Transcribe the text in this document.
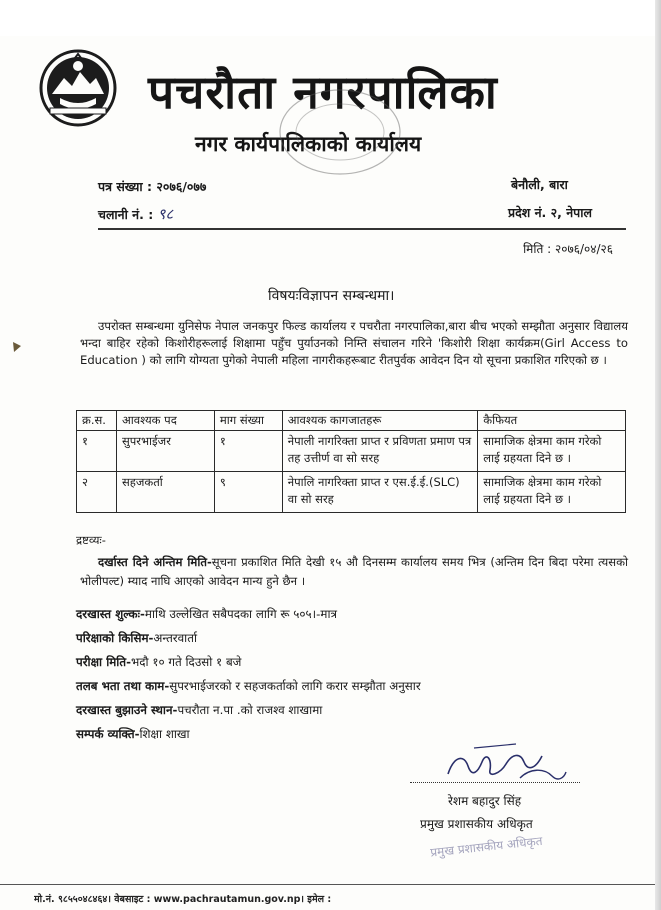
पचरौता नगरपालिका
नगर कार्यपालिकाको कार्यालय
पत्र संख्या : २०७६/०७७
चलानी नं. : ९८
बेनौली, बारा
प्रदेश नं. २, नेपाल
मिति : २०७६/०४/२६
विषयःविज्ञापन सम्बन्धमा।
उपरोक्त सम्बन्धमा युनिसेफ नेपाल जनकपुर फिल्ड कार्यालय र पचरौता नगरपालिका,बारा बीच भएको सम्झौता अनुसार विद्यालय भन्दा बाहिर रहेको किशोरीहरूलाई शिक्षामा पहुँच पुर्याउनको निम्ति संचालन गरिने 'किशोरी शिक्षा कार्यक्रम(Girl Access to Education ) को लागि योग्यता पुगेको नेपाली महिला नागरीकहरूबाट रीतपुर्वक आवेदन दिन यो सूचना प्रकाशित गरिएको छ ।
क्र.स.	आवश्यक पद	माग संख्या	आवश्यक कागजातहरू	कैफियत
१	सुपरभाईजर	१	नेपाली नागरिक्ता प्राप्त र प्रविणता प्रमाण पत्र तह उत्तीर्ण वा सो सरह	सामाजिक क्षेत्रमा काम गरेको लाई ग्रहयता दिने छ ।
२	सहजकर्ता	९	नेपालि नागरिक्ता प्राप्त र एस.ई.ई.(SLC) वा सो सरह	सामाजिक क्षेत्रमा काम गरेको लाई ग्रहयता दिने छ ।
द्रष्टव्यः-
दर्खास्त दिने अन्तिम मिति-सूचना प्रकाशित मिति देखी १५ औ दिनसम्म कार्यालय समय भित्र (अन्तिम दिन बिदा परेमा त्यसको भोलीपल्ट) म्याद नाघि आएको आवेदन मान्य हुने छैन ।
दरखास्त शुल्कः-माथि उल्लेखित सबैपदका लागि रू ५०५।-मात्र
परिक्षाको किसिम-अन्तरवार्ता
परीक्षा मिति-भदौ १० गते दिउसो १ बजे
तलब भता तथा काम-सुपरभाईजरको र सहजकर्ताको लागि करार सम्झौता अनुसार
दरखास्त बुझाउने स्थान-पचरौता न.पा .को राजश्व शाखामा
सम्पर्क व्यक्ति-शिक्षा शाखा
रेशम बहादुर सिंह
प्रमुख प्रशासकीय अधिकृत
प्रमुख प्रशासकीय अधिकृत
मो.नं. ९८५५०४८४६४। वेबसाइट : www.pachrautamun.gov.np। इमेल :
